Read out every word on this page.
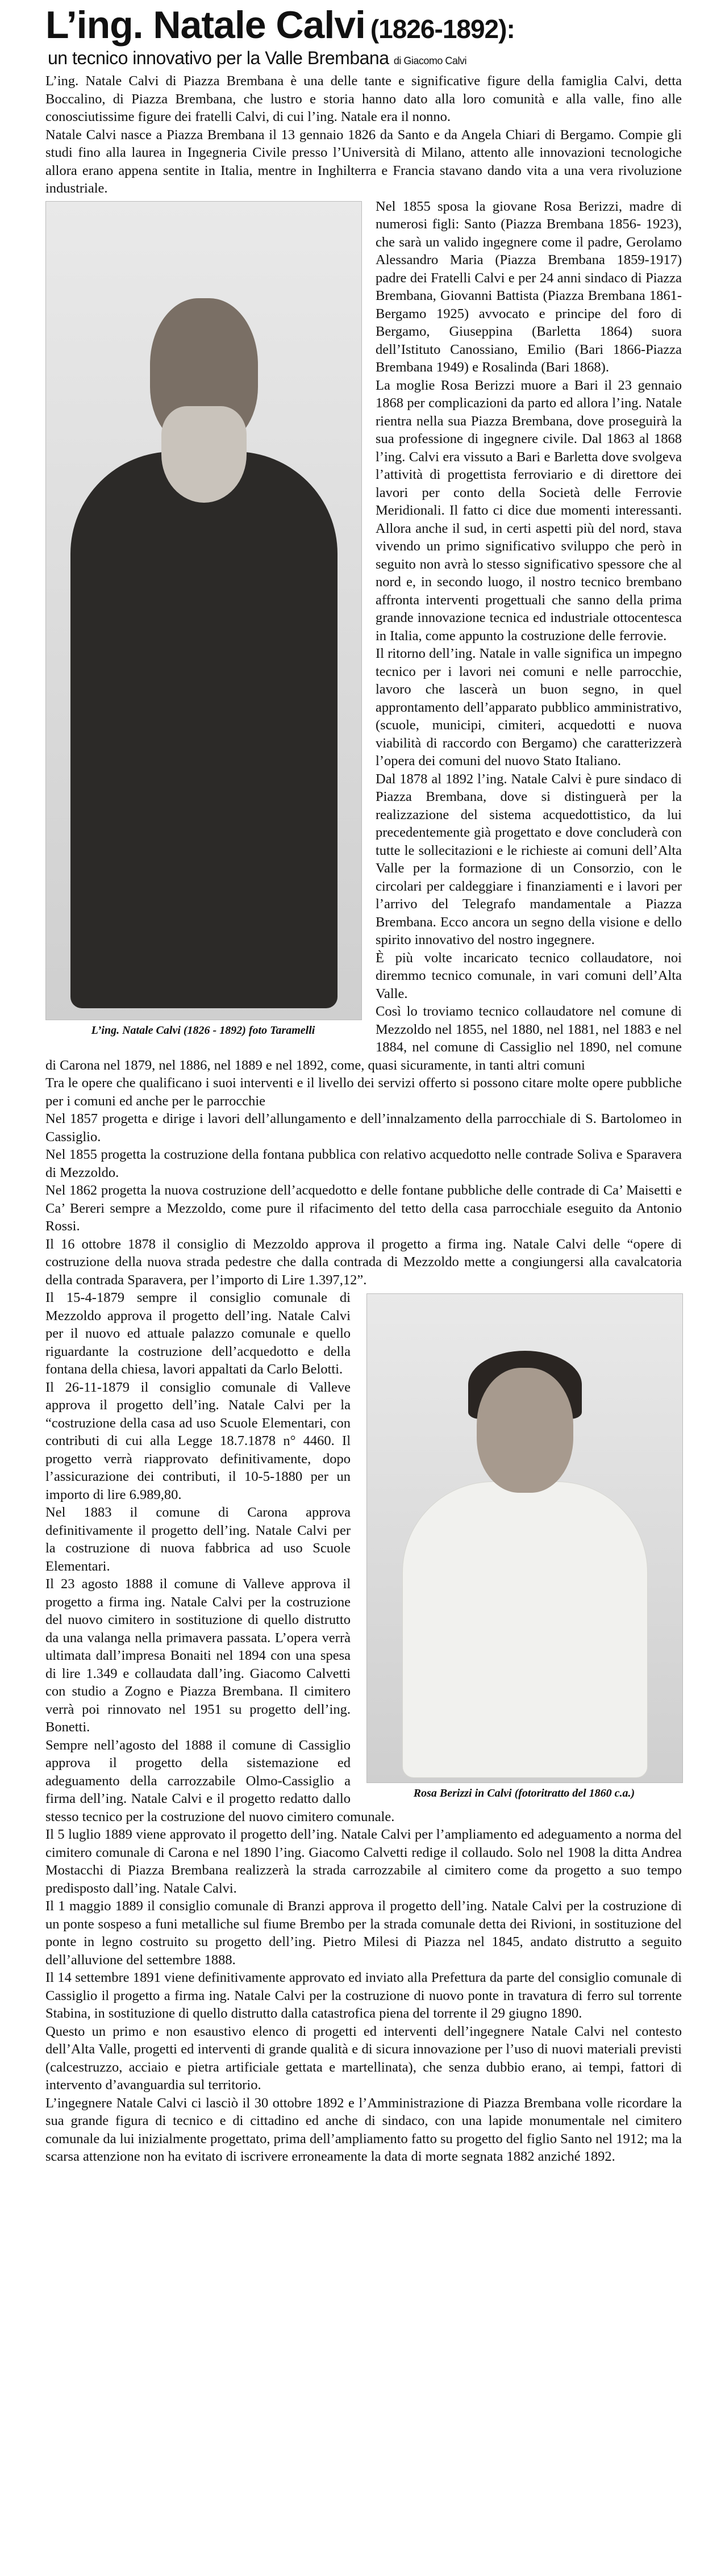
L’ing. Natale Calvi (1826-1892):
un tecnico innovativo per la Valle Brembana di Giacomo Calvi

L’ing. Natale Calvi di Piazza Brembana è una delle tante e significative figure della famiglia Calvi, detta Boccalino, di Piazza Brembana, che lustro e storia hanno dato alla loro comunità e alla valle, fino alle conosciutissime figure dei fratelli Calvi, di cui l’ing. Natale era il nonno.

Natale Calvi nasce a Piazza Brembana il 13 gennaio 1826 da Santo e da Angela Chiari di Bergamo. Compie gli studi fino alla laurea in Ingegneria Civile presso l’Università di Milano, attento alle innovazioni tecnologiche allora erano appena sentite in Italia, mentre in Inghilterra e Francia stavano dando vita a una vera rivoluzione industriale.

L’ing. Natale Calvi (1826 - 1892) foto Taramelli

Nel 1855 sposa la giovane Rosa Berizzi, madre di numerosi figli: Santo (Piazza Brembana 1856- 1923), che sarà un valido ingegnere come il padre, Gerolamo Alessandro Maria (Piazza Brembana 1859-1917) padre dei Fratelli Calvi e per 24 anni sindaco di Piazza Brembana, Giovanni Battista (Piazza Brembana 1861-Bergamo 1925) avvocato e principe del foro di Bergamo, Giuseppina (Barletta 1864) suora dell’Istituto Canossiano, Emilio (Bari 1866-Piazza Brembana 1949) e Rosalinda (Bari 1868).

La moglie Rosa Berizzi muore a Bari il 23 gennaio 1868 per complicazioni da parto ed allora l’ing. Natale rientra nella sua Piazza Brembana, dove proseguirà la sua professione di ingegnere civile. Dal 1863 al 1868 l’ing. Calvi era vissuto a Bari e Barletta dove svolgeva l’attività di progettista ferroviario e di direttore dei lavori per conto della Società delle Ferrovie Meridionali. Il fatto ci dice due momenti interessanti. Allora anche il sud, in certi aspetti più del nord, stava vivendo un primo significativo sviluppo che però in seguito non avrà lo stesso significativo spessore che al nord e, in secondo luogo, il nostro tecnico brembano affronta interventi progettuali che sanno della prima grande innovazione tecnica ed industriale ottocentesca in Italia, come appunto la costruzione delle ferrovie.

Il ritorno dell’ing. Natale in valle significa un impegno tecnico per i lavori nei comuni e nelle parrocchie, lavoro che lascerà un buon segno, in quel approntamento dell’apparato pubblico amministrativo, (scuole, municipi, cimiteri, acquedotti e nuova viabilità di raccordo con Bergamo) che caratterizzerà l’opera dei comuni del nuovo Stato Italiano.

Dal 1878 al 1892 l’ing. Natale Calvi è pure sindaco di Piazza Brembana, dove si distinguerà per la realizzazione del sistema acquedottistico, da lui precedentemente già progettato e dove concluderà con tutte le sollecitazioni e le richieste ai comuni dell’Alta Valle per la formazione di un Consorzio, con le circolari per caldeggiare i finanziamenti e i lavori per l’arrivo del Telegrafo mandamentale a Piazza Brembana. Ecco ancora un segno della visione e dello spirito innovativo del nostro ingegnere.

È più volte incaricato tecnico collaudatore, noi diremmo tecnico comunale, in vari comuni dell’Alta Valle.

Così lo troviamo tecnico collaudatore nel comune di Mezzoldo nel 1855, nel 1880, nel 1881, nel 1883 e nel 1884, nel comune di Cassiglio nel 1890, nel comune di Carona nel 1879, nel 1886, nel 1889 e nel 1892, come, quasi sicuramente, in tanti altri comuni

Tra le opere che qualificano i suoi interventi e il livello dei servizi offerto si possono citare molte opere pubbliche per i comuni ed anche per le parrocchie

Nel 1857 progetta e dirige i lavori dell’allungamento e dell’innalzamento della parrocchiale di S. Bartolomeo in Cassiglio.

Nel 1855 progetta la costruzione della fontana pubblica con relativo acquedotto nelle contrade Soliva e Sparavera di Mezzoldo.

Nel 1862 progetta la nuova costruzione dell’acquedotto e delle fontane pubbliche delle contrade di Ca’ Maisetti e Ca’ Bereri sempre a Mezzoldo, come pure il rifacimento del tetto della casa parrocchiale eseguito da Antonio Rossi.

Il 16 ottobre 1878 il consiglio di Mezzoldo approva il progetto a firma ing. Natale Calvi delle “opere di costruzione della nuova strada pedestre che dalla contrada di Mezzoldo mette a congiungersi alla cavalcatoria della contrada Sparavera, per l’importo di Lire 1.397,12”.

Rosa Berizzi in Calvi (fotoritratto del 1860 c.a.)

Il 15-4-1879 sempre il consiglio comunale di Mezzoldo approva il progetto dell’ing. Natale Calvi per il nuovo ed attuale palazzo comunale e quello riguardante la costruzione dell’acquedotto e della fontana della chiesa, lavori appaltati da Carlo Belotti.

Il 26-11-1879 il consiglio comunale di Valleve approva il progetto dell’ing. Natale Calvi per la “costruzione della casa ad uso Scuole Elementari, con contributi di cui alla Legge 18.7.1878 n° 4460. Il progetto verrà riapprovato definitivamente, dopo l’assicurazione dei contributi, il 10-5-1880 per un importo di lire 6.989,80.

Nel 1883 il comune di Carona approva definitivamente il progetto dell’ing. Natale Calvi per la costruzione di nuova fabbrica ad uso Scuole Elementari.

Il 23 agosto 1888 il comune di Valleve approva il progetto a firma ing. Natale Calvi per la costruzione del nuovo cimitero in sostituzione di quello distrutto da una valanga nella primavera passata. L’opera verrà ultimata dall’impresa Bonaiti nel 1894 con una spesa di lire 1.349 e collaudata dall’ing. Giacomo Calvetti con studio a Zogno e Piazza Brembana. Il cimitero verrà poi rinnovato nel 1951 su progetto dell’ing. Bonetti.

Sempre nell’agosto del 1888 il comune di Cassiglio approva il progetto della sistemazione ed adeguamento della carrozzabile Olmo-Cassiglio a firma dell’ing. Natale Calvi e il progetto redatto dallo stesso tecnico per la costruzione del nuovo cimitero comunale.

Il 5 luglio 1889 viene approvato il progetto dell’ing. Natale Calvi per l’ampliamento ed adeguamento a norma del cimitero comunale di Carona e nel 1890 l’ing. Giacomo Calvetti redige il collaudo. Solo nel 1908 la ditta Andrea Mostacchi di Piazza Brembana realizzerà la strada carrozzabile al cimitero come da progetto a suo tempo predisposto dall’ing. Natale Calvi.

Il 1 maggio 1889 il consiglio comunale di Branzi approva il progetto dell’ing. Natale Calvi per la costruzione di un ponte sospeso a funi metalliche sul fiume Brembo per la strada comunale detta dei Rivioni, in sostituzione del ponte in legno costruito su progetto dell’ing. Pietro Milesi di Piazza nel 1845, andato distrutto a seguito dell’alluvione del settembre 1888.

Il 14 settembre 1891 viene definitivamente approvato ed inviato alla Prefettura da parte del consiglio comunale di Cassiglio il progetto a firma ing. Natale Calvi per la costruzione di nuovo ponte in travatura di ferro sul torrente Stabina, in sostituzione di quello distrutto dalla catastrofica piena del torrente il 29 giugno 1890.

Questo un primo e non esaustivo elenco di progetti ed interventi dell’ingegnere Natale Calvi nel contesto dell’Alta Valle, progetti ed interventi di grande qualità e di sicura innovazione per l’uso di nuovi materiali previsti (calcestruzzo, acciaio e pietra artificiale gettata e martellinata), che senza dubbio erano, ai tempi, fattori di intervento d’avanguardia sul territorio.

L’ingegnere Natale Calvi ci lasciò il 30 ottobre 1892 e l’Amministrazione di Piazza Brembana volle ricordare la sua grande figura di tecnico e di cittadino ed anche di sindaco, con una lapide monumentale nel cimitero comunale da lui inizialmente progettato, prima dell’ampliamento fatto su progetto del figlio Santo nel 1912; ma la scarsa attenzione non ha evitato di iscrivere erroneamente la data di morte segnata 1882 anziché 1892.
